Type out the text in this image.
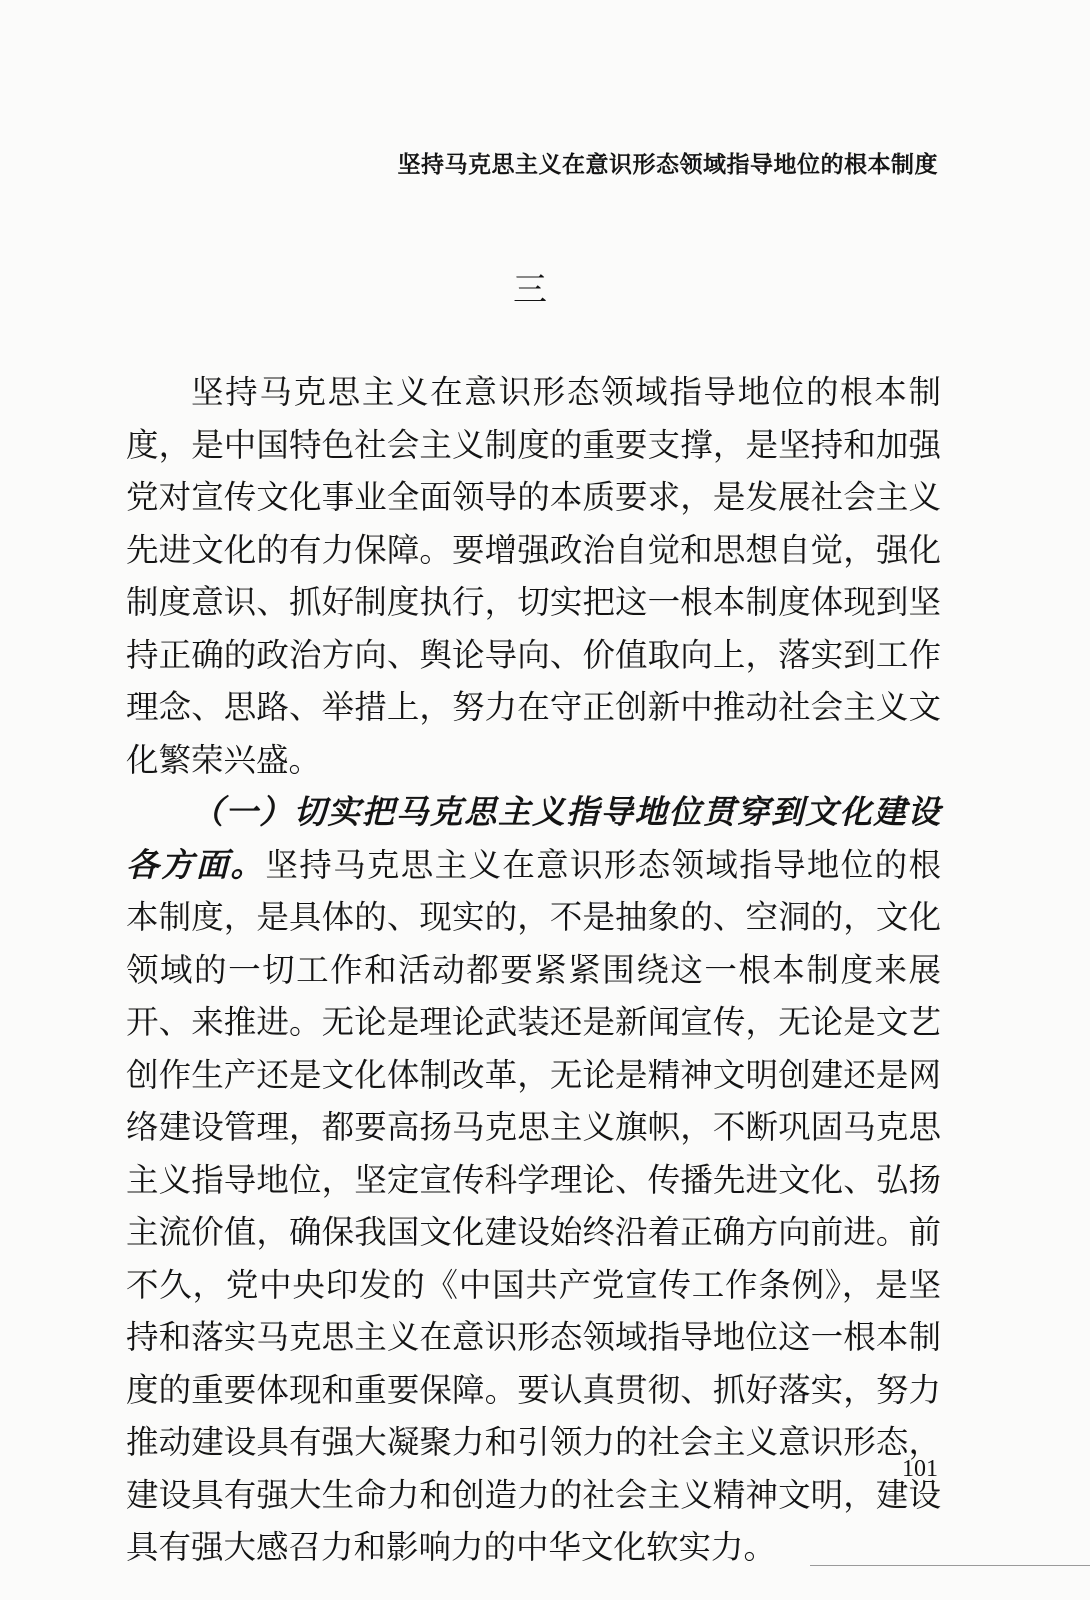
坚持马克思主义在意识形态领域指导地位的根本制度
三

坚持马克思主义在意识形态领域指导地位的根本制度，是中国特色社会主义制度的重要支撑，是坚持和加强党对宣传文化事业全面领导的本质要求，是发展社会主义先进文化的有力保障。要增强政治自觉和思想自觉，强化制度意识、抓好制度执行，切实把这一根本制度体现到坚持正确的政治方向、舆论导向、价值取向上，落实到工作理念、思路、举措上，努力在守正创新中推动社会主义文化繁荣兴盛。

（一）切实把马克思主义指导地位贯穿到文化建设各方面。坚持马克思主义在意识形态领域指导地位的根本制度，是具体的、现实的，不是抽象的、空洞的，文化领域的一切工作和活动都要紧紧围绕这一根本制度来展开、来推进。无论是理论武装还是新闻宣传，无论是文艺创作生产还是文化体制改革，无论是精神文明创建还是网络建设管理，都要高扬马克思主义旗帜，不断巩固马克思主义指导地位，坚定宣传科学理论、传播先进文化、弘扬主流价值，确保我国文化建设始终沿着正确方向前进。前不久，党中央印发的《中国共产党宣传工作条例》，是坚持和落实马克思主义在意识形态领域指导地位这一根本制度的重要体现和重要保障。要认真贯彻、抓好落实，努力推动建设具有强大凝聚力和引领力的社会主义意识形态，建设具有强大生命力和创造力的社会主义精神文明，建设具有强大感召力和影响力的中华文化软实力。

101
